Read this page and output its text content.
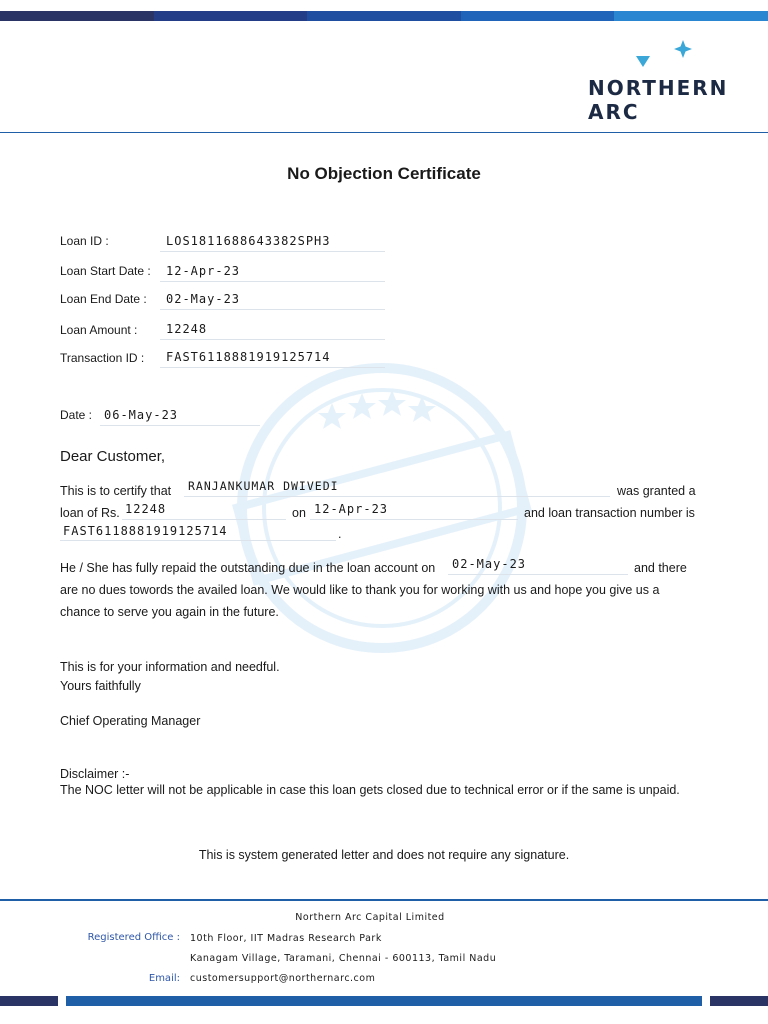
NORTHERN
ARC
No Objection Certificate
Loan ID :	LOS1811688643382SPH3
Loan Start Date : 12-Apr-23
Loan End Date : 02-May-23
Loan Amount : 12248
Transaction ID : FAST6118881919125714
Date : 06-May-23
Dear Customer,
This is to certify that RANJANKUMAR DWIVEDI	was granted a
loan of Rs. 12248	on 12-Apr-23	and loan transaction number is
FAST6118881919125714	.
He / She has fully repaid the outstanding due in the loan account on 02-May-23	and there
are no dues towords the availed loan. We would like to thank you for working with us and hope you give us a
chance to serve you again in the future.
This is for your information and needful.
Yours faithfully
Chief Operating Manager
Disclaimer :-
The NOC letter will not be applicable in case this loan gets closed due to technical error or if the same is unpaid.
This is system generated letter and does not require any signature.
Northern Arc Capital Limited
Registered Office : 10th Floor, IIT Madras Research Park
Kanagam Village, Taramani, Chennai - 600113, Tamil Nadu
Email: customersupport@northernarc.com
